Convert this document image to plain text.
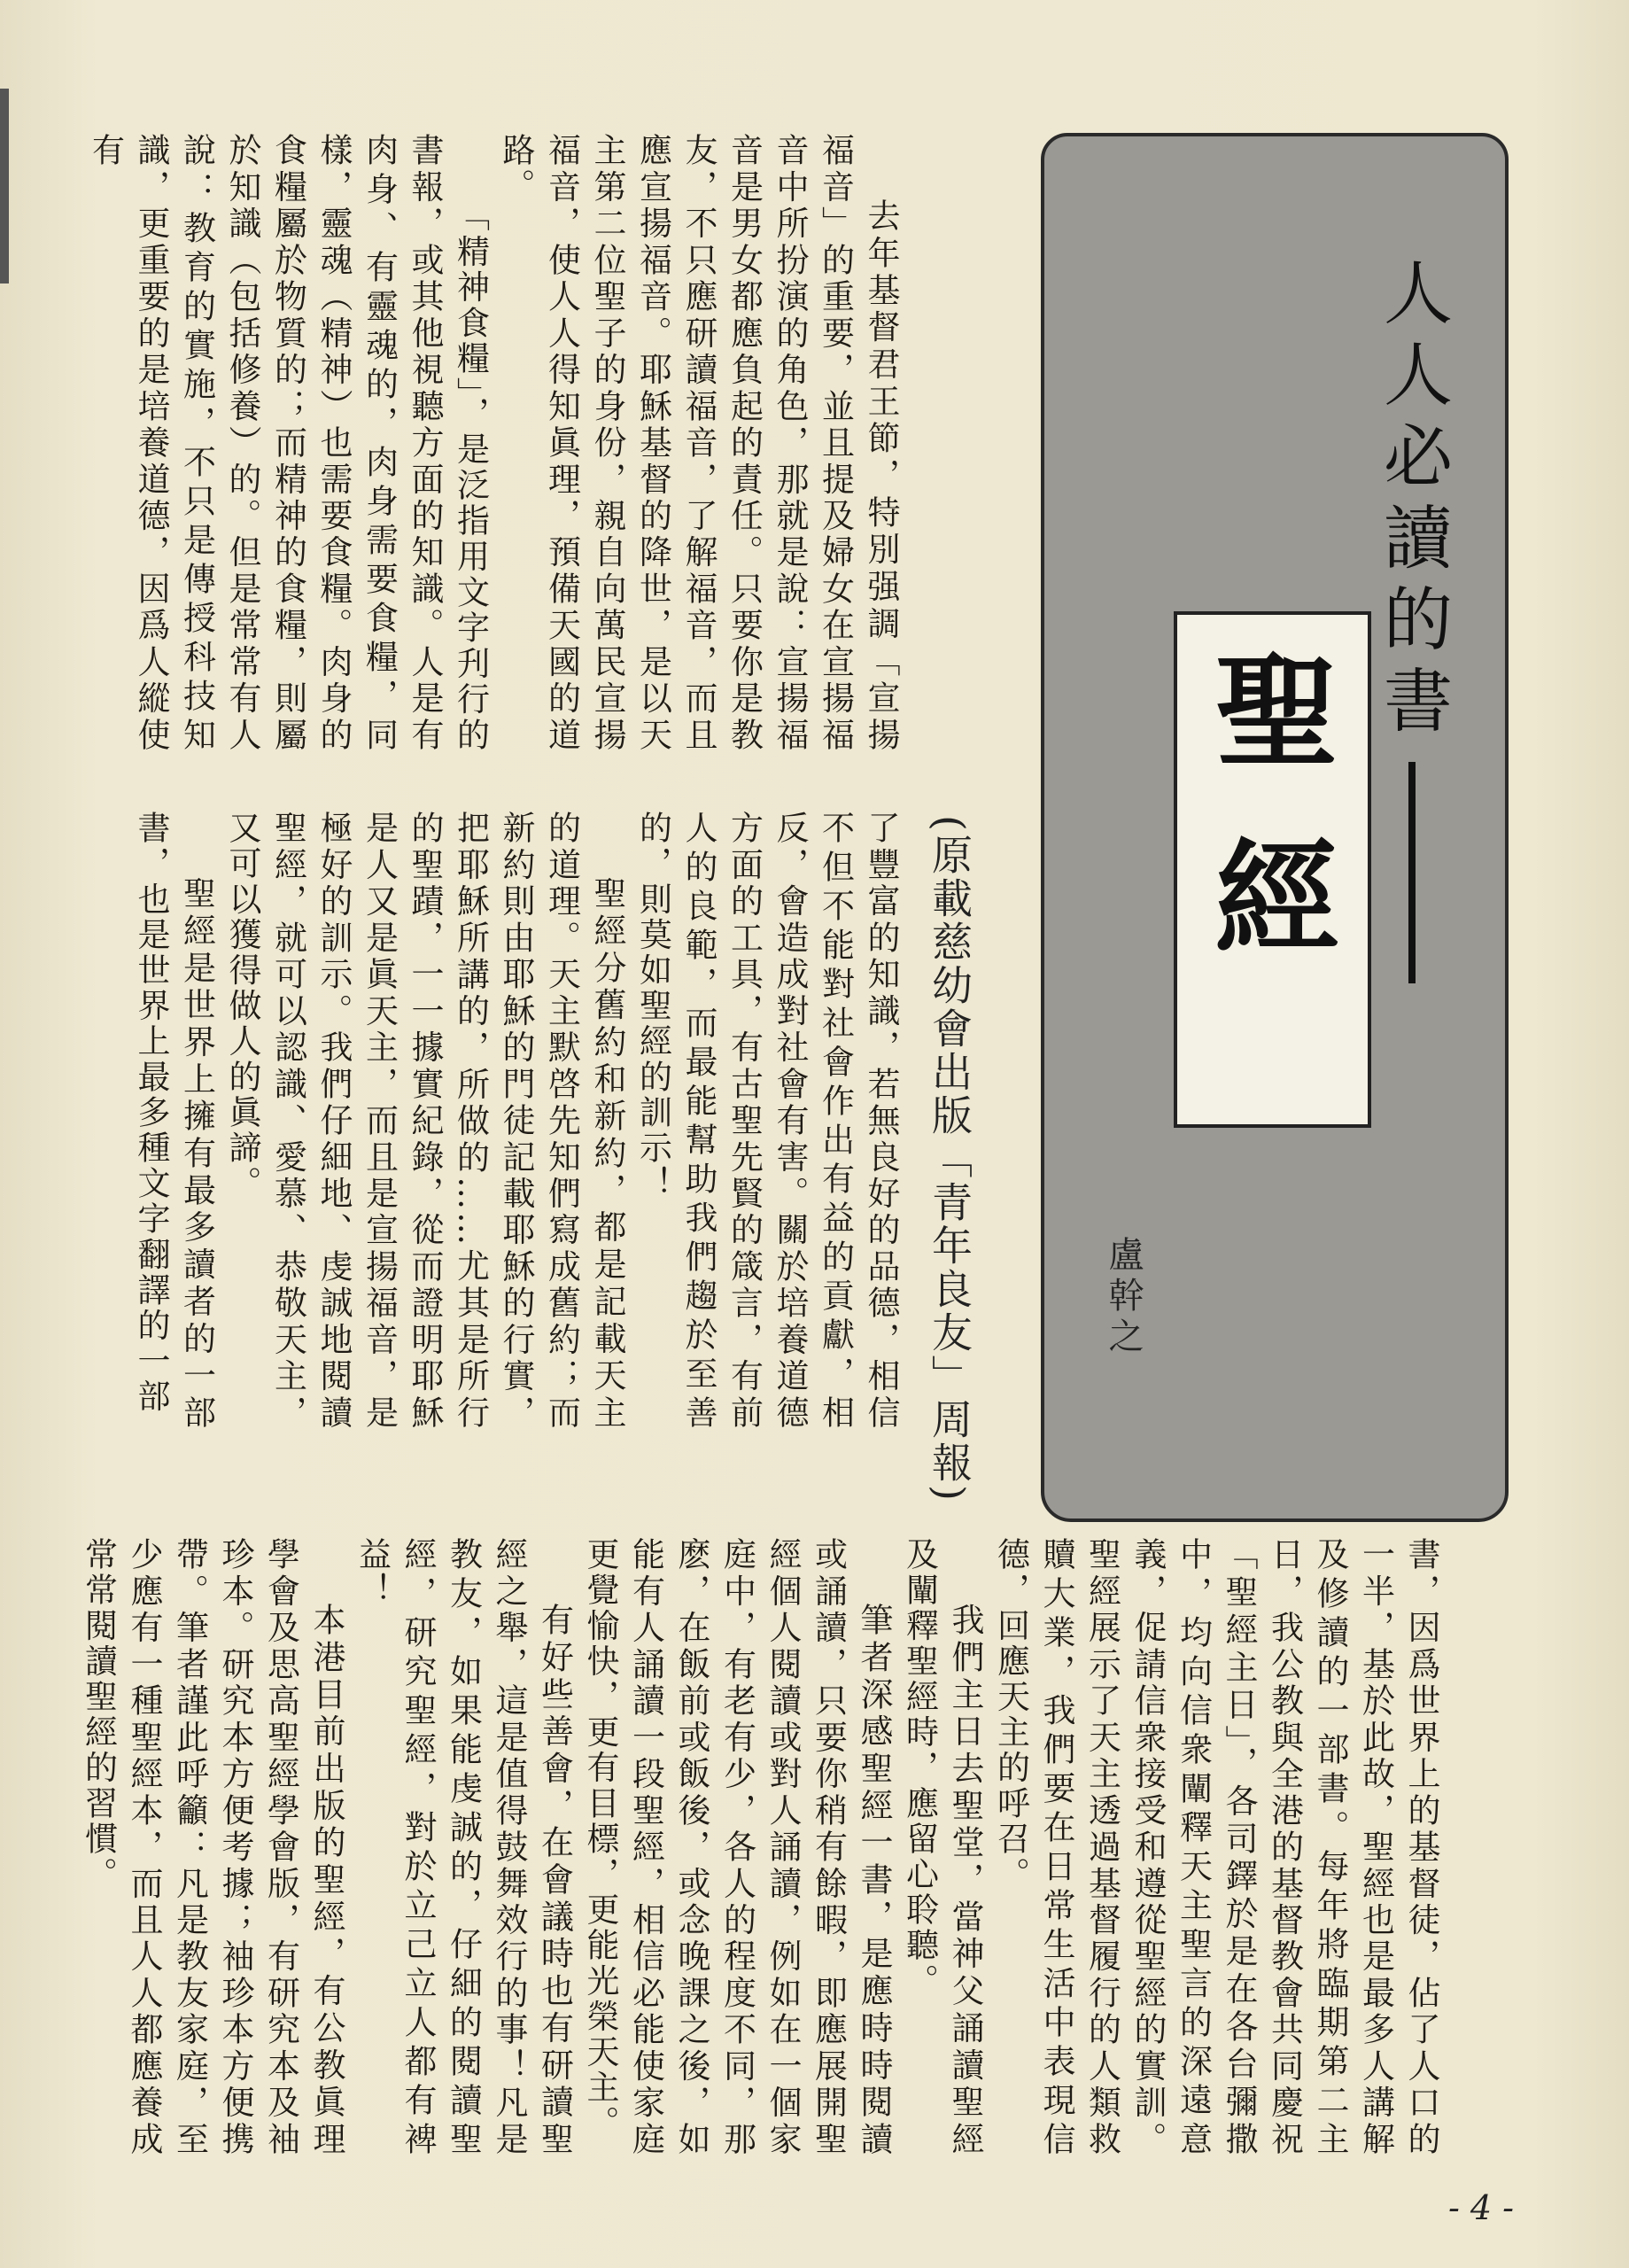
人人必讀的書
聖經
盧幹之
(原載慈幼會出版「青年良友」周報)

去年基督君王節，特別强調「宣揚福音」的重要，並且提及婦女在宣揚福音中所扮演的角色，那就是說：宣揚福音是男女都應負起的責任。只要你是教友，不只應研讀福音，了解福音，而且應宣揚福音。耶穌基督的降世，是以天主第二位聖子的身份，親自向萬民宣揚福音，使人人得知眞理，預備天國的道路。

「精神食糧」，是泛指用文字刋行的書報，或其他視聽方面的知識。人是有肉身、有靈魂的，肉身需要食糧，同樣，靈魂（精神）也需要食糧。肉身的食糧屬於物質的；而精神的食糧，則屬於知識（包括修養）的。但是常常有人說：教育的實施，不只是傳授科技知識，更重要的是培養道德，因爲人縱使有

了豐富的知識，若無良好的品德，相信不但不能對社會作出有益的貢獻，相反，會造成對社會有害。關於培養道德方面的工具，有古聖先賢的箴言，有前人的良範，而最能幫助我們趨於至善的，則莫如聖經的訓示！

聖經分舊約和新約，都是記載天主的道理。天主默啓先知們寫成舊約；而新約則由耶穌的門徒記載耶穌的行實，把耶穌所講的，所做的……尤其是所行的聖蹟，一一據實紀錄，從而證明耶穌是人又是眞天主，而且是宣揚福音，是極好的訓示。我們仔細地、虔誠地閱讀聖經，就可以認識、愛慕、恭敬天主，又可以獲得做人的眞諦。

聖經是世界上擁有最多讀者的一部書，也是世界上最多種文字翻譯的一部

書，因爲世界上的基督徒，佔了人口的一半，基於此故，聖經也是最多人講解及修讀的一部書。每年將臨期第二主日，我公教與全港的基督教會共同慶祝「聖經主日」，各司鐸於是在各台彌撒中，均向信衆闡釋天主聖言的深遠意義，促請信衆接受和遵從聖經的實訓。聖經展示了天主透過基督履行的人類救贖大業，我們要在日常生活中表現信德，回應天主的呼召。

我們主日去聖堂，當神父誦讀聖經及闡釋聖經時，應留心聆聽。

筆者深感聖經一書，是應時時閱讀或誦讀，只要你稍有餘暇，即應展開聖經個人閱讀或對人誦讀，例如在一個家庭中，有老有少，各人的程度不同，那麽，在飯前或飯後，或念晚課之後，如能有人誦讀一段聖經，相信必能使家庭更覺愉快，更有目標，更能光榮天主。

有好些善會，在會議時也有研讀聖經之舉，這是值得鼓舞效行的事！凡是教友，如果能虔誠的，仔細的閱讀聖經，研究聖經，對於立己立人都有裨益！

本港目前出版的聖經，有公教眞理學會及思高聖經學會版，有研究本及袖珍本。研究本方便考據；袖珍本方便携帶。筆者謹此呼籲：凡是教友家庭，至少應有一種聖經本，而且人人都應養成常常閱讀聖經的習慣。

- 4 -
